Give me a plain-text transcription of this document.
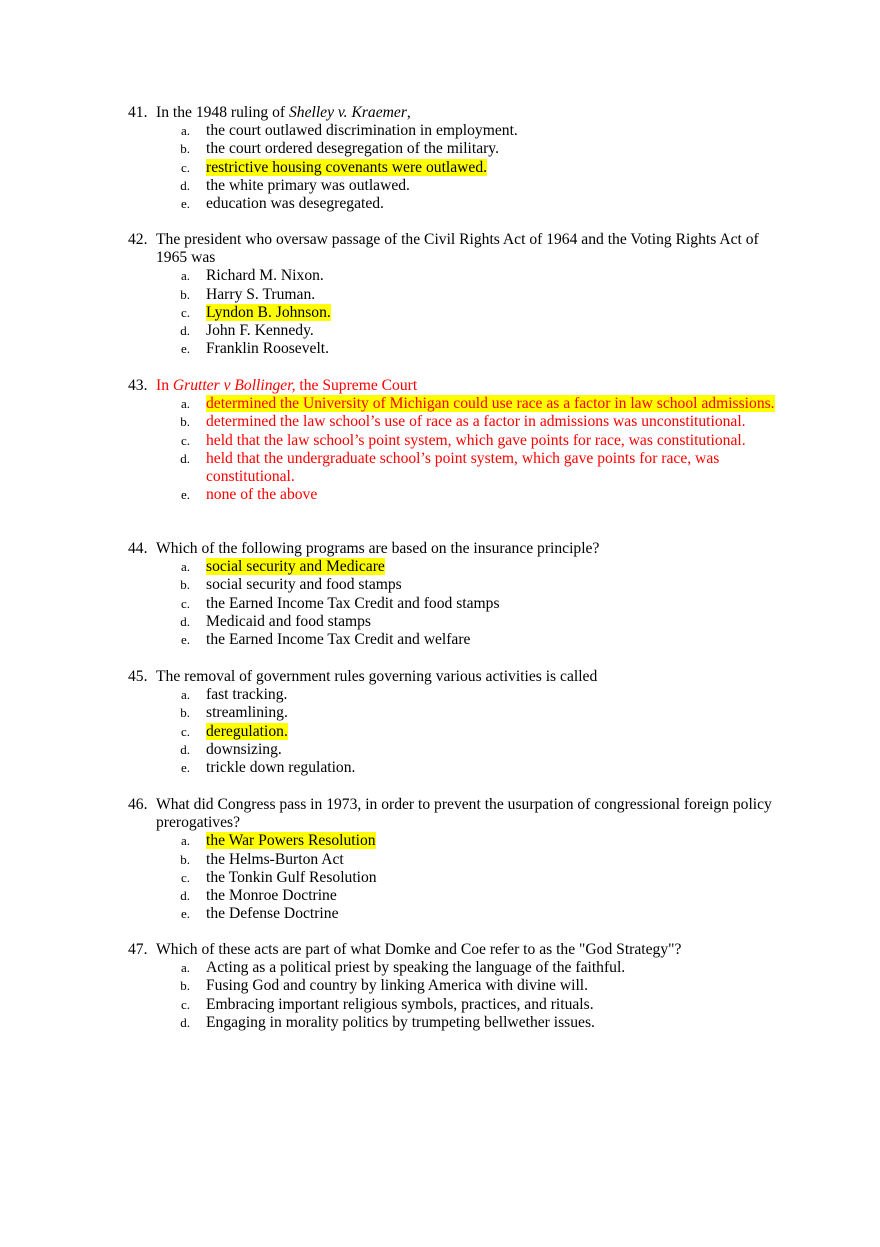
41. In the 1948 ruling of Shelley v. Kraemer,
a.	the court outlawed discrimination in employment.
b.	the court ordered desegregation of the military.
c.	restrictive housing covenants were outlawed.
d.	the white primary was outlawed.
e.	education was desegregated.
42. The president who oversaw passage of the Civil Rights Act of 1964 and the Voting Rights Act of 1965 was
a.	Richard M. Nixon.
b.	Harry S. Truman.
c.	Lyndon B. Johnson.
d.	John F. Kennedy.
e.	Franklin Roosevelt.
43. In Grutter v Bollinger, the Supreme Court
a.	determined the University of Michigan could use race as a factor in law school admissions.
b.	determined the law school’s use of race as a factor in admissions was unconstitutional.
c.	held that the law school’s point system, which gave points for race, was constitutional.
d.	held that the undergraduate school’s point system, which gave points for race, was constitutional.
e.	none of the above
44. Which of the following programs are based on the insurance principle?
a.	social security and Medicare
b.	social security and food stamps
c.	the Earned Income Tax Credit and food stamps
d.	Medicaid and food stamps
e.	the Earned Income Tax Credit and welfare
45. The removal of government rules governing various activities is called
a.	fast tracking.
b.	streamlining.
c.	deregulation.
d.	downsizing.
e.	trickle down regulation.
46. What did Congress pass in 1973, in order to prevent the usurpation of congressional foreign policy prerogatives?
a.	the War Powers Resolution
b.	the Helms-Burton Act
c.	the Tonkin Gulf Resolution
d.	the Monroe Doctrine
e.	the Defense Doctrine
47. Which of these acts are part of what Domke and Coe refer to as the "God Strategy"?
a.	Acting as a political priest by speaking the language of the faithful.
b.	Fusing God and country by linking America with divine will.
c.	Embracing important religious symbols, practices, and rituals.
d.	Engaging in morality politics by trumpeting bellwether issues.
